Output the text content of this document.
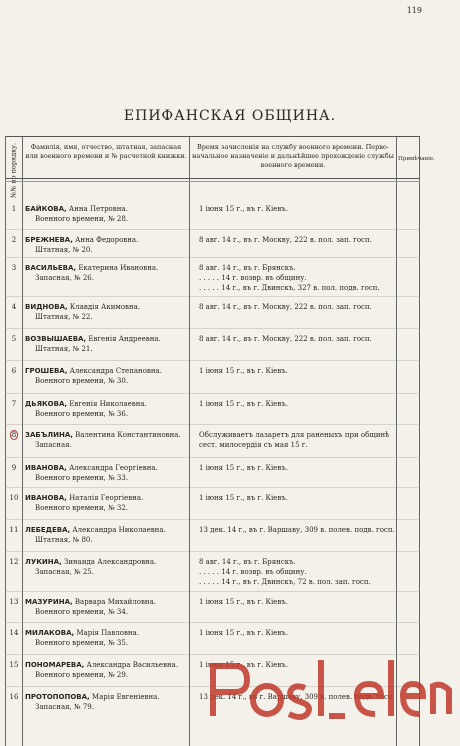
119
ЕПИФАНСКАЯ ОБЩИНА.
№№ по порядку.	Фамилія, имя, отчество, штатная, запасная или военного времени и № расчетной книжки.
Время зачисленія на службу военного времени. Перво-начальное назначеніе и дальнѣйшее прохожденіе службы военного времени.
Примѣчаніе.
1	БАЙКОВА, Анна Петровна.
Военного времени, № 28.
1 іюня 15 г., въ г. Кіевъ.
2	БРЕЖНЕВА, Анна Федоровна.
Штатная, № 20.
8 авг. 14 г., въ г. Москву, 222 в. пол. зап. госп.
3	ВАСИЛЬЕВА, Екатерина Ивановна.
Запасная, № 26.
8 авг. 14 г., въ г. Брянскъ.
. . . . . 14 г. возвр. въ общину.
. . . . . 14 г., въ г. Двинскъ, 327 в. пол. подв. госп.
4	ВИДНОВА, Клавдія Акимовна.
Штатная, № 22.
8 авг. 14 г., въ г. Москву, 222 в. пол. зап. госп.
5	ВОЗВЫШАЕВА, Евгенія Андреевна.
Штатная, № 21.
8 авг. 14 г., въ г. Москву, 222 в. пол. зап. госп.
6	ГРОШЕВА, Александра Степановна.
Военного времени, № 30.
1 іюня 15 г., въ г. Кіевъ.
7	ДЬЯКОВА, Евгенія Николаевна.
Военного времени, № 36.
1 іюня 15 г., въ г. Кіевъ.
8	ЗАБЪЛИНА, Валентина Константиновна.
Запасная.
Обслуживаетъ лазаретъ для раненыхъ при общинѣ
сест. милосердія съ мая 15 г.
9	ИВАНОВА, Александра Георгіевна.
Военного времени, № 33.
1 іюня 15 г., въ г. Кіевъ.
10 ИВАНОВА, Наталія Георгіевна.
Военного времени, № 32.
1 іюня 15 г., въ г. Кіевъ.
11 ЛЕБЕДЕВА, Александра Николаевна.
Штатная, № 80.
13 дек. 14 г., въ г. Варшаву, 309 в. полев. подв. госп.
12 ЛУКИНА, Зинаида Александровна.
Запасная, № 25.
8 авг. 14 г., въ г. Брянскъ.
. . . . . 14 г. возвр. въ общину.
. . . . . 14 г., въ г. Двинскъ, 72 в. пол. зап. госп.
13 МАЗУРИНА, Варвара Михайловна.
Военного времени, № 34.
1 іюня 15 г., въ г. Кіевъ.
14 МИЛАКОВА, Марія Павловна.
Военного времени, № 35.
1 іюня 15 г., въ г. Кіевъ.
15 ПОНОМАРЕВА, Александра Васильевна.
Военного времени, № 29.
1 іюня 15 г., въ г. Кіевъ.
16 ПРОТОПОПОВА, Марія Евгеніевна.
Запасная, № 79.
13 дек. 14 г., въ г. Варшаву, 309 в. полев. подв. госп.
